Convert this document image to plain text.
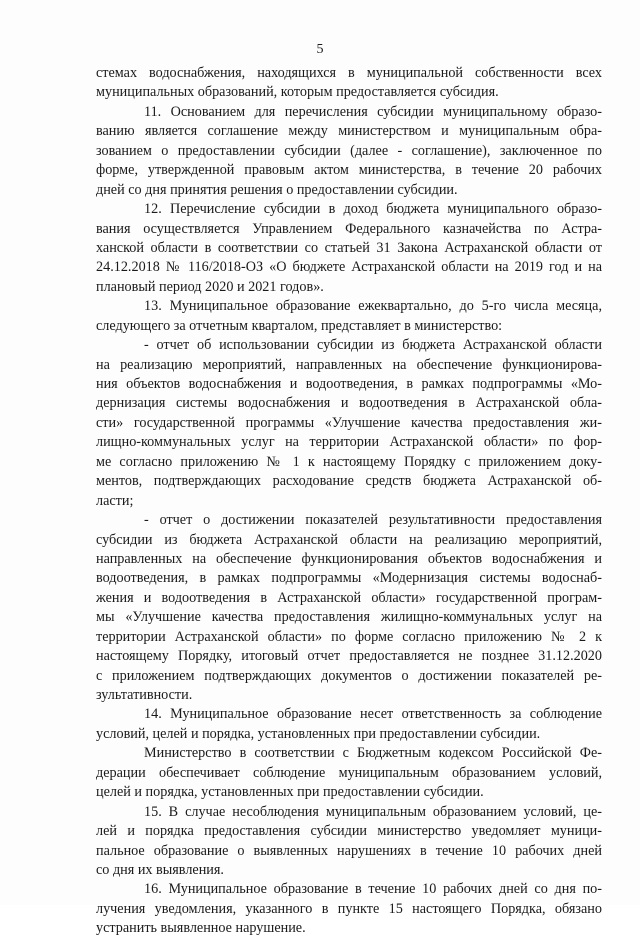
5
стемах водоснабжения, находящихся в муниципальной собственности всех
муниципальных образований, которым предоставляется субсидия.
11. Основанием для перечисления субсидии муниципальному образо-
ванию является соглашение между министерством и муниципальным обра-
зованием о предоставлении субсидии (далее - соглашение), заключенное по
форме, утвержденной правовым актом министерства, в течение 20 рабочих
дней со дня принятия решения о предоставлении субсидии.
12. Перечисление субсидии в доход бюджета муниципального образо-
вания осуществляется Управлением Федерального казначейства по Астра-
ханской области в соответствии со статьей 31 Закона Астраханской области от
24.12.2018 № 116/2018-ОЗ «О бюджете Астраханской области на 2019 год и на
плановый период 2020 и 2021 годов».
13. Муниципальное образование ежеквартально, до 5-го числа месяца,
следующего за отчетным кварталом, представляет в министерство:
- отчет об использовании субсидии из бюджета Астраханской области
на реализацию мероприятий, направленных на обеспечение функционирова-
ния объектов водоснабжения и водоотведения, в рамках подпрограммы «Мо-
дернизация системы водоснабжения и водоотведения в Астраханской обла-
сти» государственной программы «Улучшение качества предоставления жи-
лищно-коммунальных услуг на территории Астраханской области» по фор-
ме согласно приложению № 1 к настоящему Порядку с приложением доку-
ментов, подтверждающих расходование средств бюджета Астраханской об-
ласти;
- отчет о достижении показателей результативности предоставления
субсидии из бюджета Астраханской области на реализацию мероприятий,
направленных на обеспечение функционирования объектов водоснабжения и
водоотведения, в рамках подпрограммы «Модернизация системы водоснаб-
жения и водоотведения в Астраханской области» государственной програм-
мы «Улучшение качества предоставления жилищно-коммунальных услуг на
территории Астраханской области» по форме согласно приложению № 2 к
настоящему Порядку, итоговый отчет предоставляется не позднее 31.12.2020
с приложением подтверждающих документов о достижении показателей ре-
зультативности.
14. Муниципальное образование несет ответственность за соблюдение
условий, целей и порядка, установленных при предоставлении субсидии.
Министерство в соответствии с Бюджетным кодексом Российской Фе-
дерации обеспечивает соблюдение муниципальным образованием условий,
целей и порядка, установленных при предоставлении субсидии.
15. В случае несоблюдения муниципальным образованием условий, це-
лей и порядка предоставления субсидии министерство уведомляет муници-
пальное образование о выявленных нарушениях в течение 10 рабочих дней
со дня их выявления.
16. Муниципальное образование в течение 10 рабочих дней со дня по-
лучения уведомления, указанного в пункте 15 настоящего Порядка, обязано
устранить выявленное нарушение.
